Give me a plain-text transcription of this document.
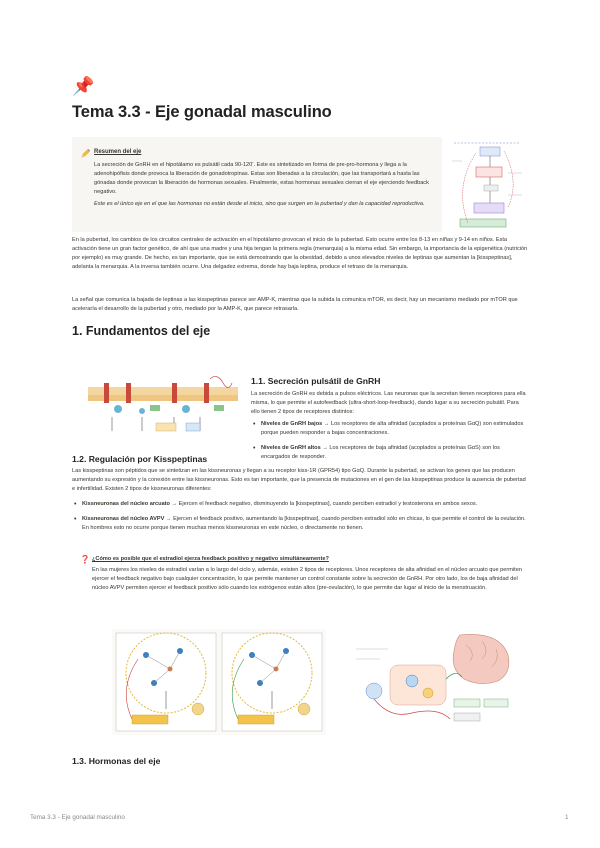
📌
Tema 3.3 - Eje gonadal masculino
Resumen del eje
La secreción de GnRH en el hipotálamo es pulsátil cada 90-120’. Este es sintetizado en forma de pre-pro-hormona y llega a la adenohipófisis donde provoca la liberación de gonadotropinas. Estas son liberadas a la circulación, que las transportará a hasta las gónadas donde provocan la liberación de hormonas sexuales. Finalmente, estas hormonas sexuales cierran el eje ejerciendo feedback negativo.
Este es el único eje en el que las hormonas no están desde el inicio, sino que surgen en la pubertad y dan la capacidad reproductiva.
En la pubertad, los cambios de los circuitos centrales de activación en el hipotálamo provocan el inicio de la pubertad. Esto ocurre entre los 8-13 en niñas y 9-14 en niños. Esta activación tiene un gran factor genético, de ahí que una madre y una hija tengan la primera regla (menarquia) a la misma edad. Sin embargo, la importancia de la epigenética (nutrición por ejemplo) es muy grande. De hecho, es tan importante, que se está demostrando que la obesidad, debido a unos elevados niveles de leptinas que aumentan la [kisspeptinas], adelanta la menarquia. A la inversa también ocurre. Una delgadez extrema, donde hay baja leptina, produce el retraso de la menarquia.
La señal que comunica la bajada de leptinas a las kisspeptinas parece ser AMP-K, mientras que la subida la comunica mTOR, es decir, hay un mecanismo mediado por mTOR que aceleraría el desarrollo de la pubertad y otro, mediado por la AMP-K, que parece retrasarla.
1. Fundamentos del eje
1.1. Secreción pulsátil de GnRH
La secreción de GnRH es debida a pulsos eléctricos. Las neuronas que la secretan tienen receptores para ella misma, lo que permite el autofeedback (ultra-short-loop-feedback), dando lugar a su secreción pulsátil. Para ello tienen 2 tipos de receptores distintos:
• Niveles de GnRH bajos → Los receptores de alta afinidad (acoplados a proteínas GαQ) son estimulados porque pueden responder a bajas concentraciones.
• Niveles de GnRH altos → Los receptores de baja afinidad (acoplados a proteínas GαS) son los encargados de responder.
1.2. Regulación por Kisspeptinas
Las kisspeptinas son péptidos que se sintetizan en las kissneuronas y llegan a su receptor kiss-1R (GPR54) tipo GαQ. Durante la pubertad, se activan los genes que las producen aumentando su expresión y la conexión entre las kissneuronas. Esto es tan importante, que la presencia de mutaciones en el gen de las kisspeptinas produce la ausencia de pubertad e infertilidad. Existen 2 tipos de kissneuronas diferentes:
• Kissneuronas del núcleo arcuato → Ejercen el feedback negativo, disminuyendo la [kisspeptinas], cuando perciben estradiol y testosterona en ambos sexos.
• Kissneuronas del núcleo AVPV → Ejercen el feedback positivo, aumentando la [kisspeptinas], cuando perciben estradiol sólo en chicas, lo que permite el control de la ovulación. En hombres esto no ocurre porque tienen muchas menos kissneuronas en este núcleo, o directamente no tienen.
❓ ¿Cómo es posible que el estradiol ejerza feedback positivo y negativo simultáneamente?
En las mujeres los niveles de estradiol varían a lo largo del ciclo y, además, existen 2 tipos de receptores. Unos receptores de alta afinidad en el núcleo arcuato que permiten ejercer el feedback negativo bajo cualquier concentración, lo que permite mantener un control constante sobre la secreción de GnRH. Por otro lado, los de baja afinidad del núcleo AVPV permiten ejercer el feedback positivo sólo cuando los estrógenos están altos (pre-ovulación), lo que permite dar lugar al inicio de la menstruación.
1.3. Hormonas del eje
Tema 3.3 - Eje gonadal masculino	1
